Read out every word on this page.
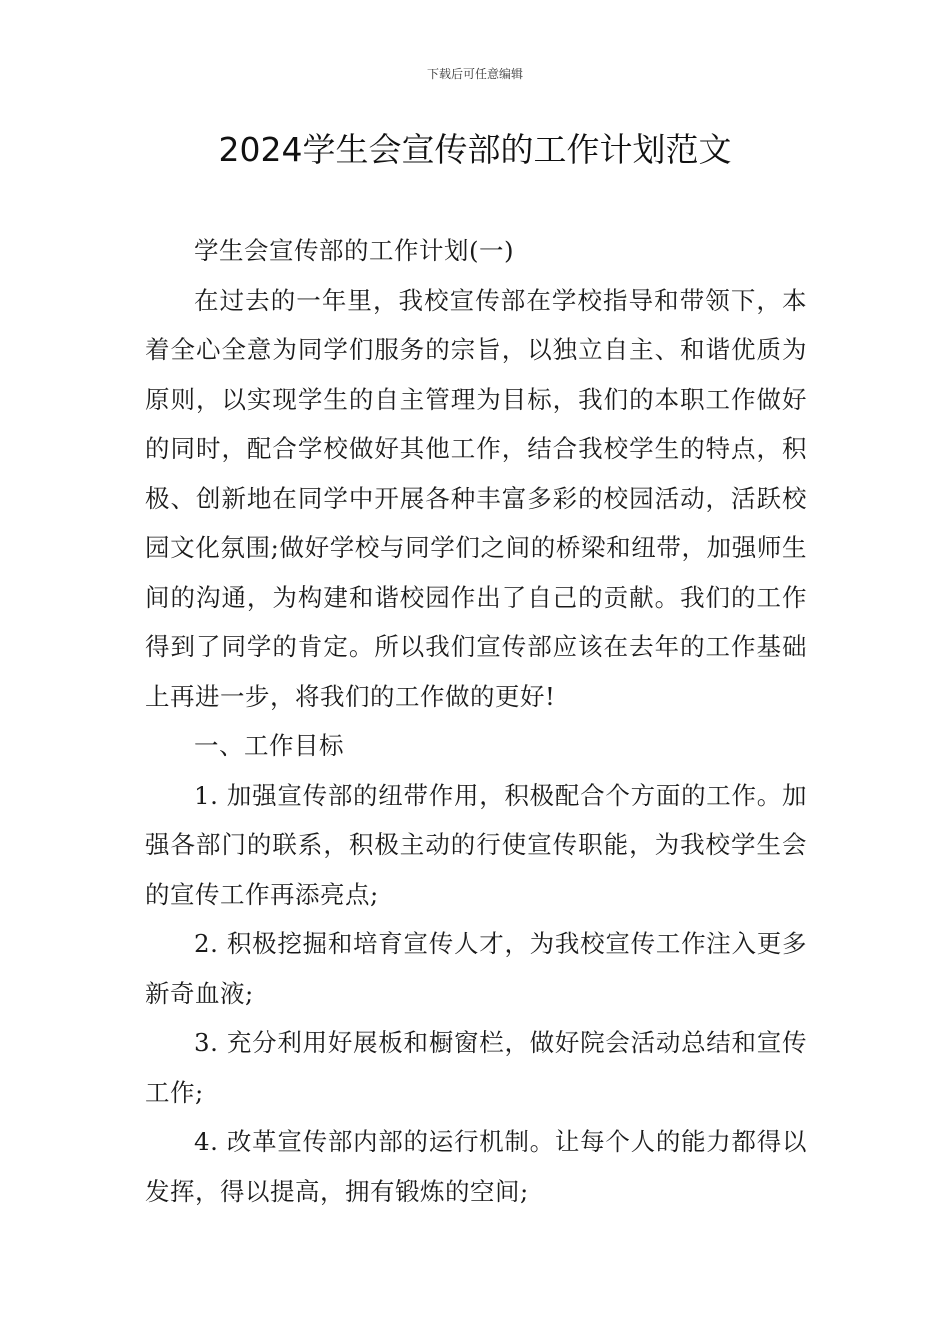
下载后可任意编辑
2024学生会宣传部的工作计划范文

学生会宣传部的工作计划(一)

在过去的一年里，我校宣传部在学校指导和带领下，本着全心全意为同学们服务的宗旨，以独立自主、和谐优质为原则，以实现学生的自主管理为目标，我们的本职工作做好的同时，配合学校做好其他工作，结合我校学生的特点，积极、创新地在同学中开展各种丰富多彩的校园活动，活跃校园文化氛围;做好学校与同学们之间的桥梁和纽带，加强师生间的沟通，为构建和谐校园作出了自己的贡献。我们的工作得到了同学的肯定。所以我们宣传部应该在去年的工作基础上再进一步，将我们的工作做的更好!

一、工作目标

1. 加强宣传部的纽带作用，积极配合个方面的工作。加强各部门的联系，积极主动的行使宣传职能，为我校学生会的宣传工作再添亮点;

2. 积极挖掘和培育宣传人才，为我校宣传工作注入更多新奇血液;

3. 充分利用好展板和橱窗栏，做好院会活动总结和宣传工作;

4. 改革宣传部内部的运行机制。让每个人的能力都得以发挥，得以提高，拥有锻炼的空间;
